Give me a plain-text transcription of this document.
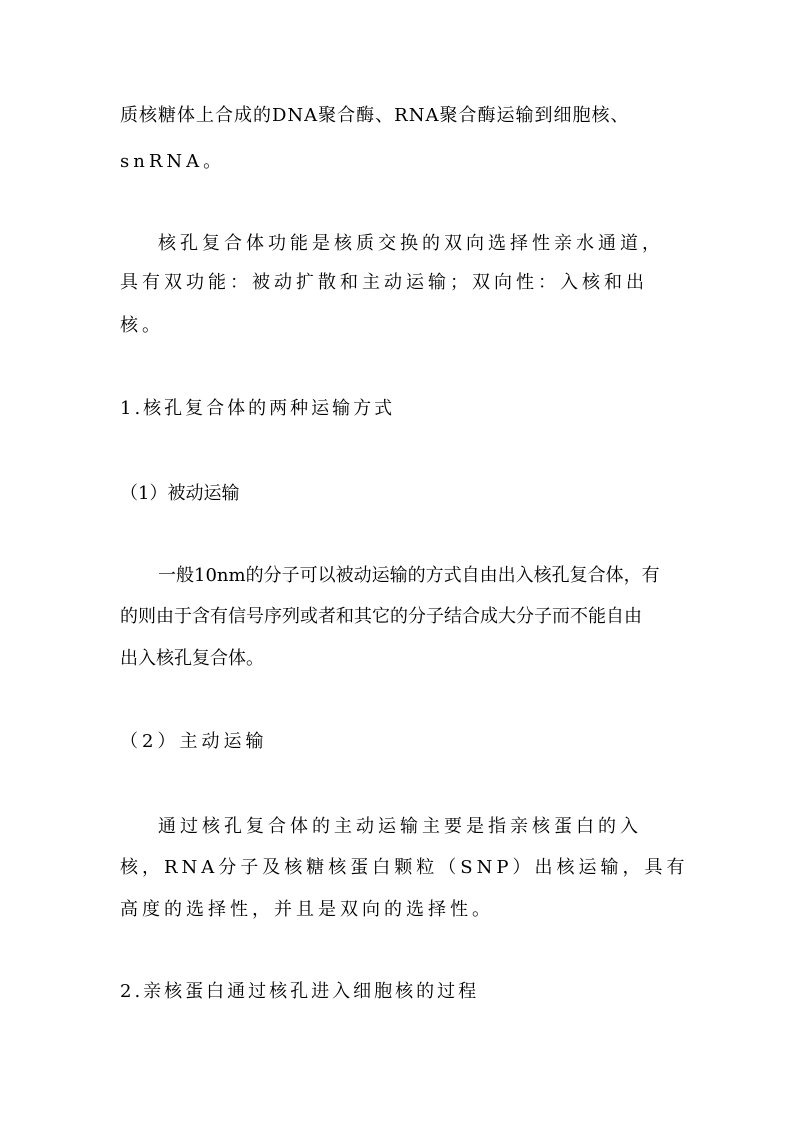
质核糖体上合成的DNA聚合酶、RNA聚合酶运输到细胞核、
snRNA。
核孔复合体功能是核质交换的双向选择性亲水通道，
具有双功能：被动扩散和主动运输；双向性：入核和出
核。
1.核孔复合体的两种运输方式
（1）被动运输
一般10nm的分子可以被动运输的方式自由出入核孔复合体，有
的则由于含有信号序列或者和其它的分子结合成大分子而不能自由
出入核孔复合体。
（2）主动运输
通过核孔复合体的主动运输主要是指亲核蛋白的入
核，RNA分子及核糖核蛋白颗粒（SNP）出核运输，具有
高度的选择性，并且是双向的选择性。
2.亲核蛋白通过核孔进入细胞核的过程
